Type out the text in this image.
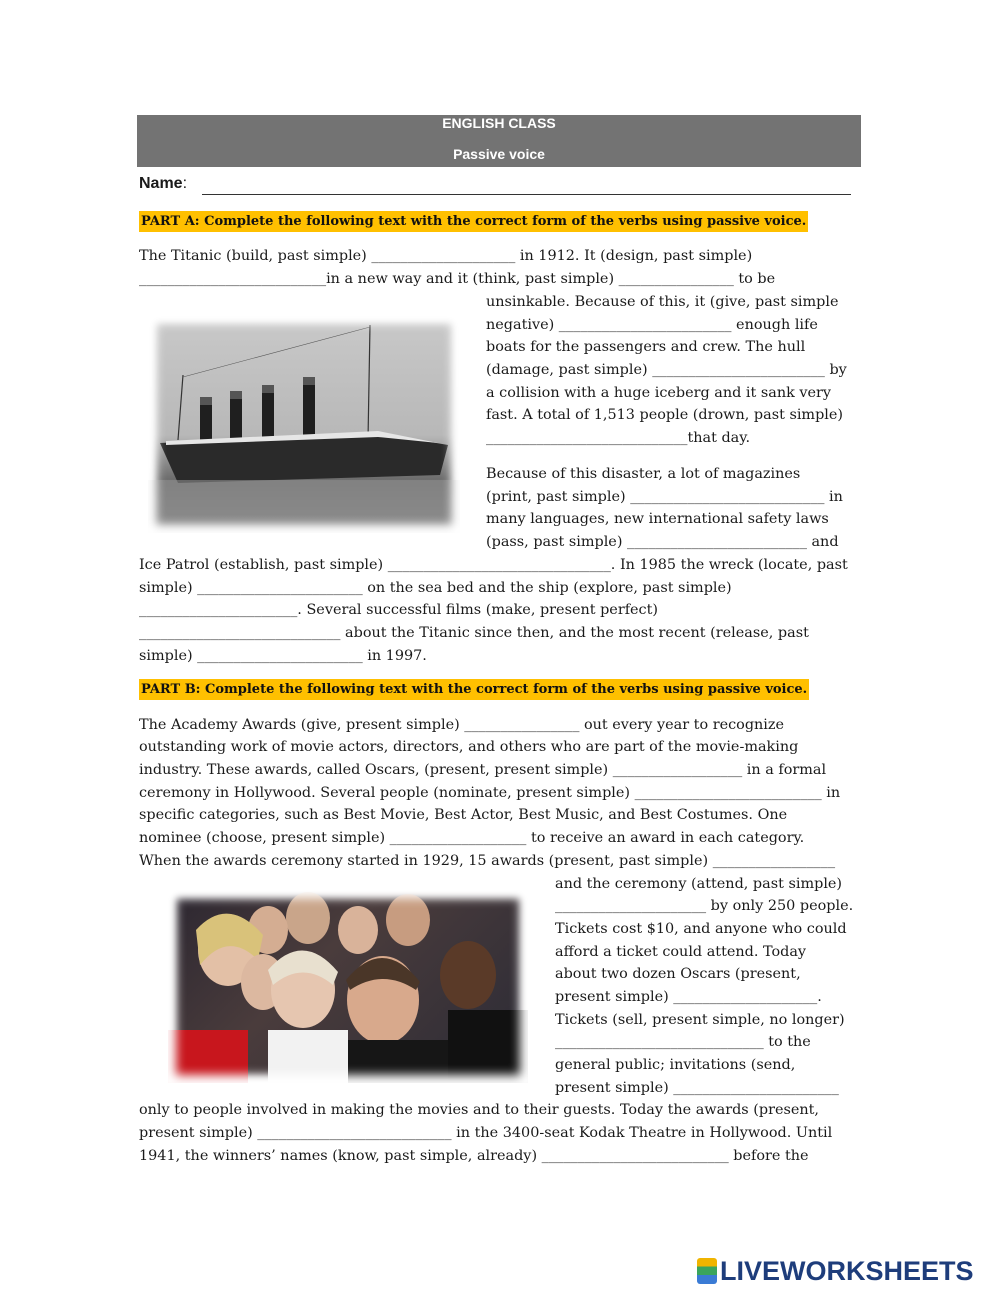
ENGLISH CLASS
Passive voice
Name:
PART A: Complete the following text with the correct form of the verbs using passive voice.
The Titanic (build, past simple) ____________________ in 1912. It (design, past simple)
__________________________in a new way and it (think, past simple) ________________ to be
unsinkable. Because of this, it (give, past simple
negative) ________________________ enough life
boats for the passengers and crew. The hull
(damage, past simple) ________________________ by
a collision with a huge iceberg and it sank very
fast. A total of 1,513 people (drown, past simple)
____________________________that day.
Because of this disaster, a lot of magazines
(print, past simple) ___________________________ in
many languages, new international safety laws
(pass, past simple) _________________________ and
Ice Patrol (establish, past simple) _______________________________. In 1985 the wreck (locate, past
simple) _______________________ on the sea bed and the ship (explore, past simple)
______________________. Several successful films (make, present perfect)
____________________________ about the Titanic since then, and the most recent (release, past
simple) _______________________ in 1997.
PART B: Complete the following text with the correct form of the verbs using passive voice.
The Academy Awards (give, present simple) ________________ out every year to recognize
outstanding work of movie actors, directors, and others who are part of the movie-making
industry. These awards, called Oscars, (present, present simple) __________________ in a formal
ceremony in Hollywood. Several people (nominate, present simple) __________________________ in
specific categories, such as Best Movie, Best Actor, Best Music, and Best Costumes. One
nominee (choose, present simple) ___________________ to receive an award in each category.
When the awards ceremony started in 1929, 15 awards (present, past simple) _________________
and the ceremony (attend, past simple)
_____________________ by only 250 people.
Tickets cost $10, and anyone who could
afford a ticket could attend. Today
about two dozen Oscars (present,
present simple) ____________________.
Tickets (sell, present simple, no longer)
_____________________________ to the
general public; invitations (send,
present simple) _______________________
only to people involved in making the movies and to their guests. Today the awards (present,
present simple) ___________________________ in the 3400-seat Kodak Theatre in Hollywood. Until
1941, the winners’ names (know, past simple, already) __________________________ before the
LIVEWORKSHEETS
